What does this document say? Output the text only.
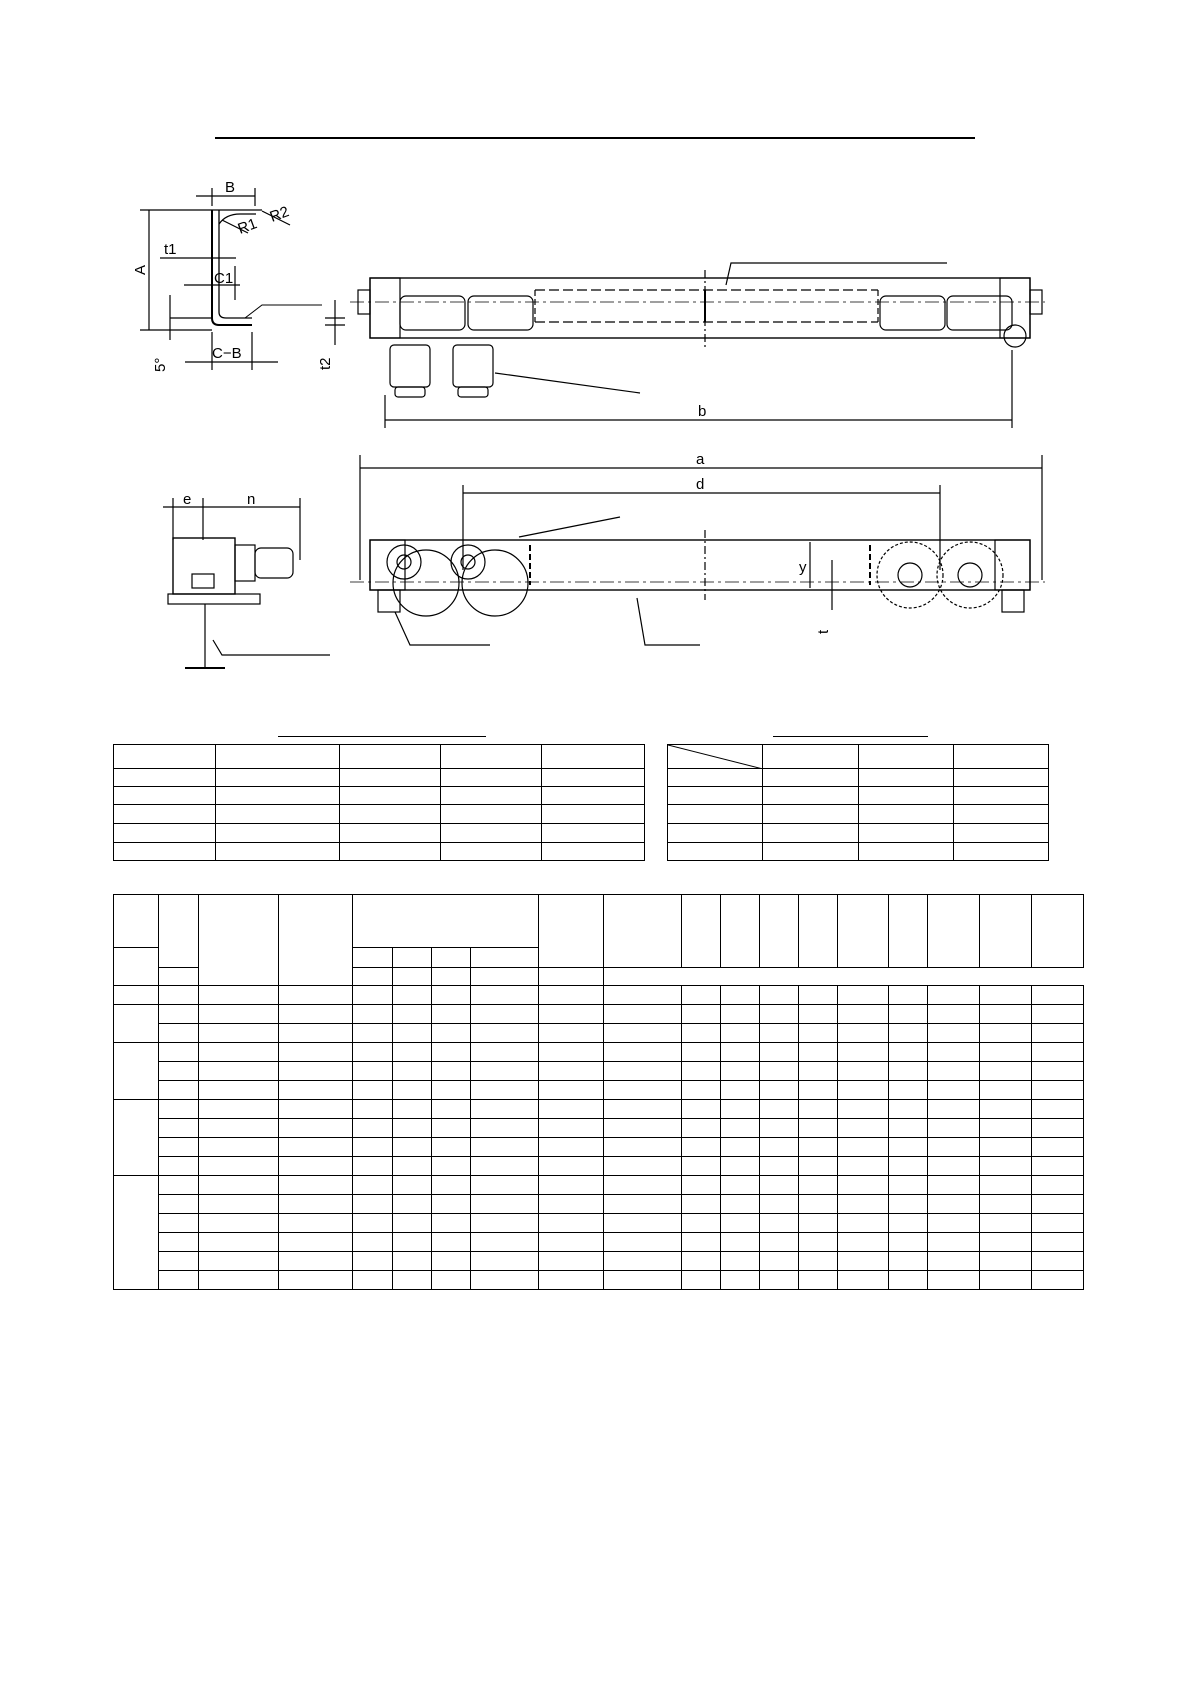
B
R2
R1
A
t1
C1
5°
C−B
t2
b
a
d
y
t
e	n
